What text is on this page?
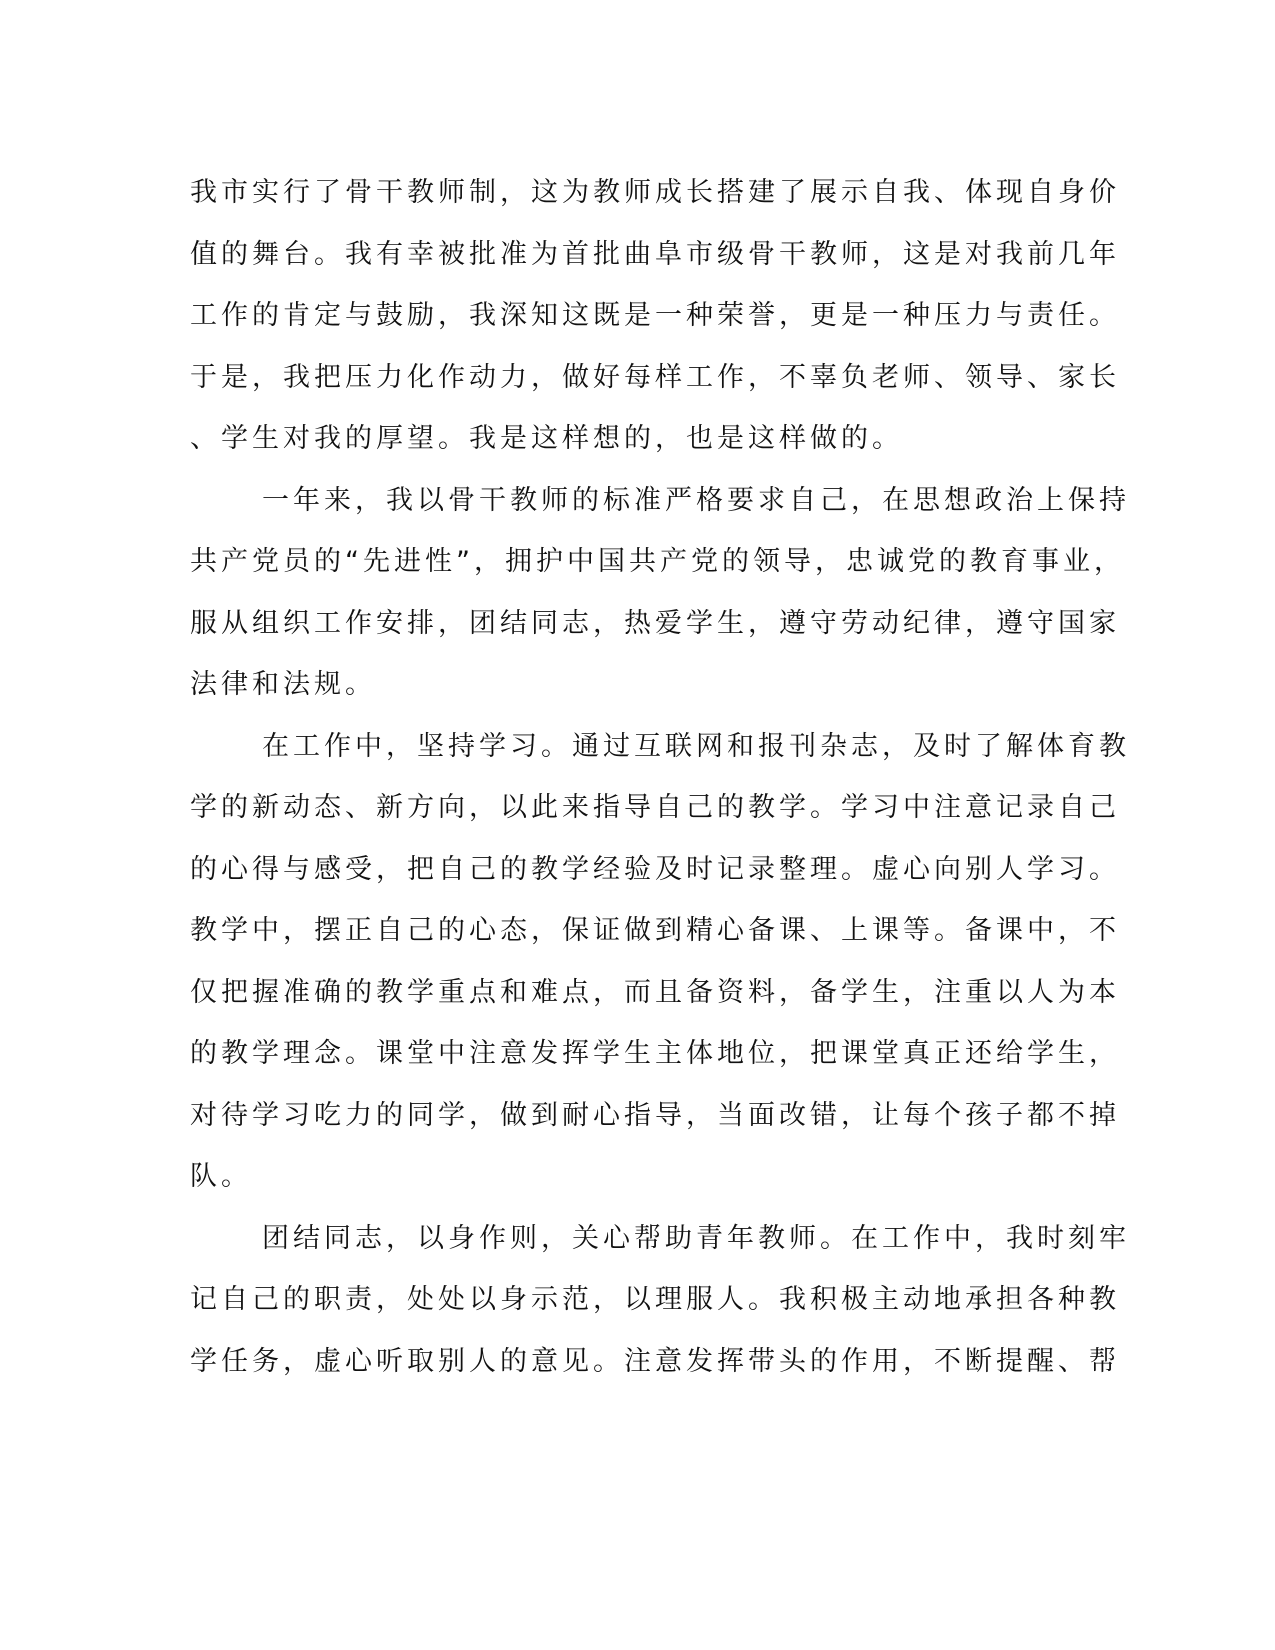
我市实行了骨干教师制，这为教师成长搭建了展示自我、体现自身价
值的舞台。我有幸被批准为首批曲阜市级骨干教师，这是对我前几年
工作的肯定与鼓励，我深知这既是一种荣誉，更是一种压力与责任。
于是，我把压力化作动力，做好每样工作，不辜负老师、领导、家长
、学生对我的厚望。我是这样想的，也是这样做的。
一年来，我以骨干教师的标准严格要求自己，在思想政治上保持
共产党员的“先进性”，拥护中国共产党的领导，忠诚党的教育事业，
服从组织工作安排，团结同志，热爱学生，遵守劳动纪律，遵守国家
法律和法规。
在工作中，坚持学习。通过互联网和报刊杂志，及时了解体育教
学的新动态、新方向，以此来指导自己的教学。学习中注意记录自己
的心得与感受，把自己的教学经验及时记录整理。虚心向别人学习。
教学中，摆正自己的心态，保证做到精心备课、上课等。备课中，不
仅把握准确的教学重点和难点，而且备资料，备学生，注重以人为本
的教学理念。课堂中注意发挥学生主体地位，把课堂真正还给学生，
对待学习吃力的同学，做到耐心指导，当面改错，让每个孩子都不掉
队。
团结同志，以身作则，关心帮助青年教师。在工作中，我时刻牢
记自己的职责，处处以身示范，以理服人。我积极主动地承担各种教
学任务，虚心听取别人的意见。注意发挥带头的作用，不断提醒、帮
